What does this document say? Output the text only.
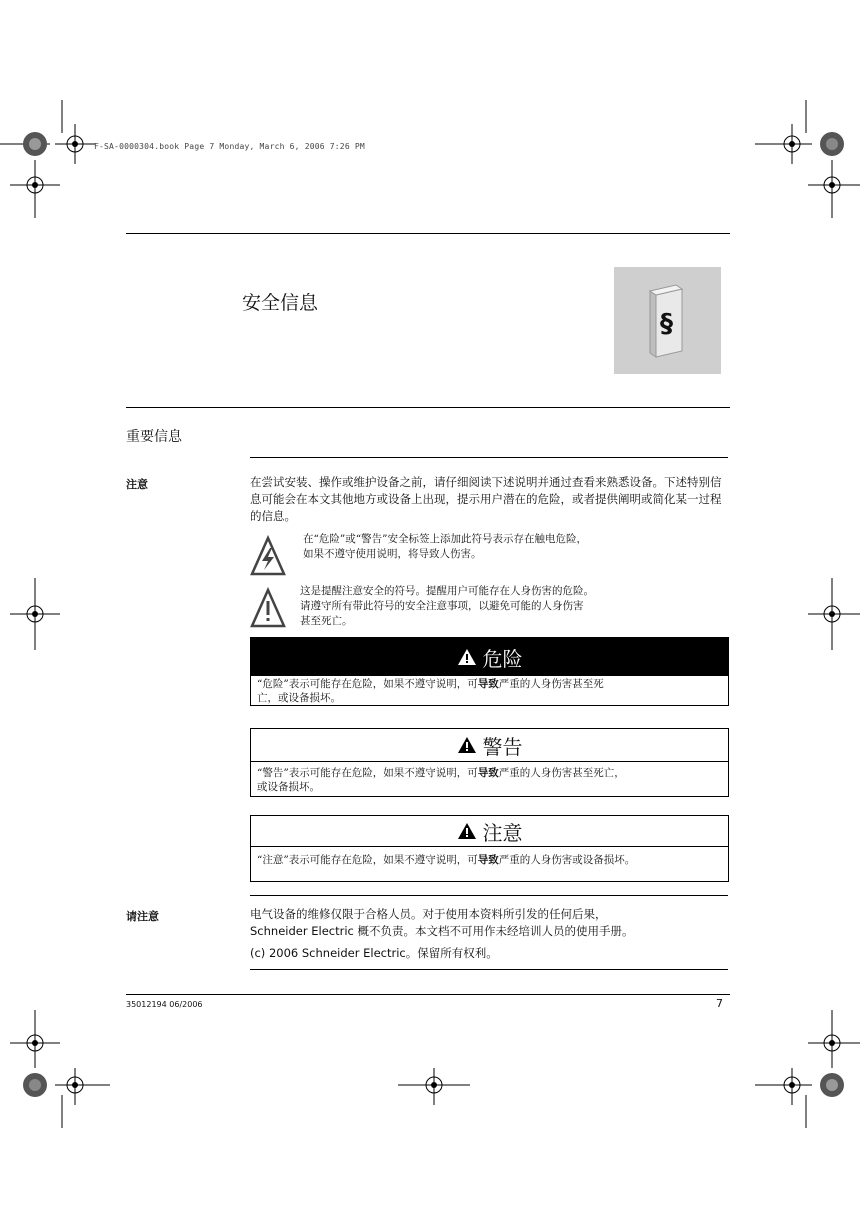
F-SA-0000304.book Page 7 Monday, March 6, 2006 7:26 PM
安全信息
§
重要信息
注意	在尝试安装、操作或维护设备之前，请仔细阅读下述说明并通过查看来熟悉设备。下述特别信息可能会在本文其他地方或设备上出现，提示用户潜在的危险，或者提供阐明或简化某一过程的信息。
在“危险”或“警告”安全标签上添加此符号表示存在触电危险，
如果不遵守使用说明，将导致人伤害。
这是提醒注意安全的符号。提醒用户可能存在人身伤害的危险。
请遵守所有带此符号的安全注意事项，以避免可能的人身伤害
甚至死亡。
危险
“危险”表示可能存在危险，如果不遵守说明，可导致严重的人身伤害甚至死
亡，或设备损坏。
警告
“警告”表示可能存在危险，如果不遵守说明，可导致严重的人身伤害甚至死亡，
或设备损坏。
注意
“注意”表示可能存在危险，如果不遵守说明，可导致严重的人身伤害或设备损坏。
请注意	电气设备的维修仅限于合格人员。对于使用本资料所引发的任何后果，
Schneider Electric 概不负责。本文档不可用作未经培训人员的使用手册。
(c) 2006 Schneider Electric。保留所有权利。
35012194 06/2006	7
